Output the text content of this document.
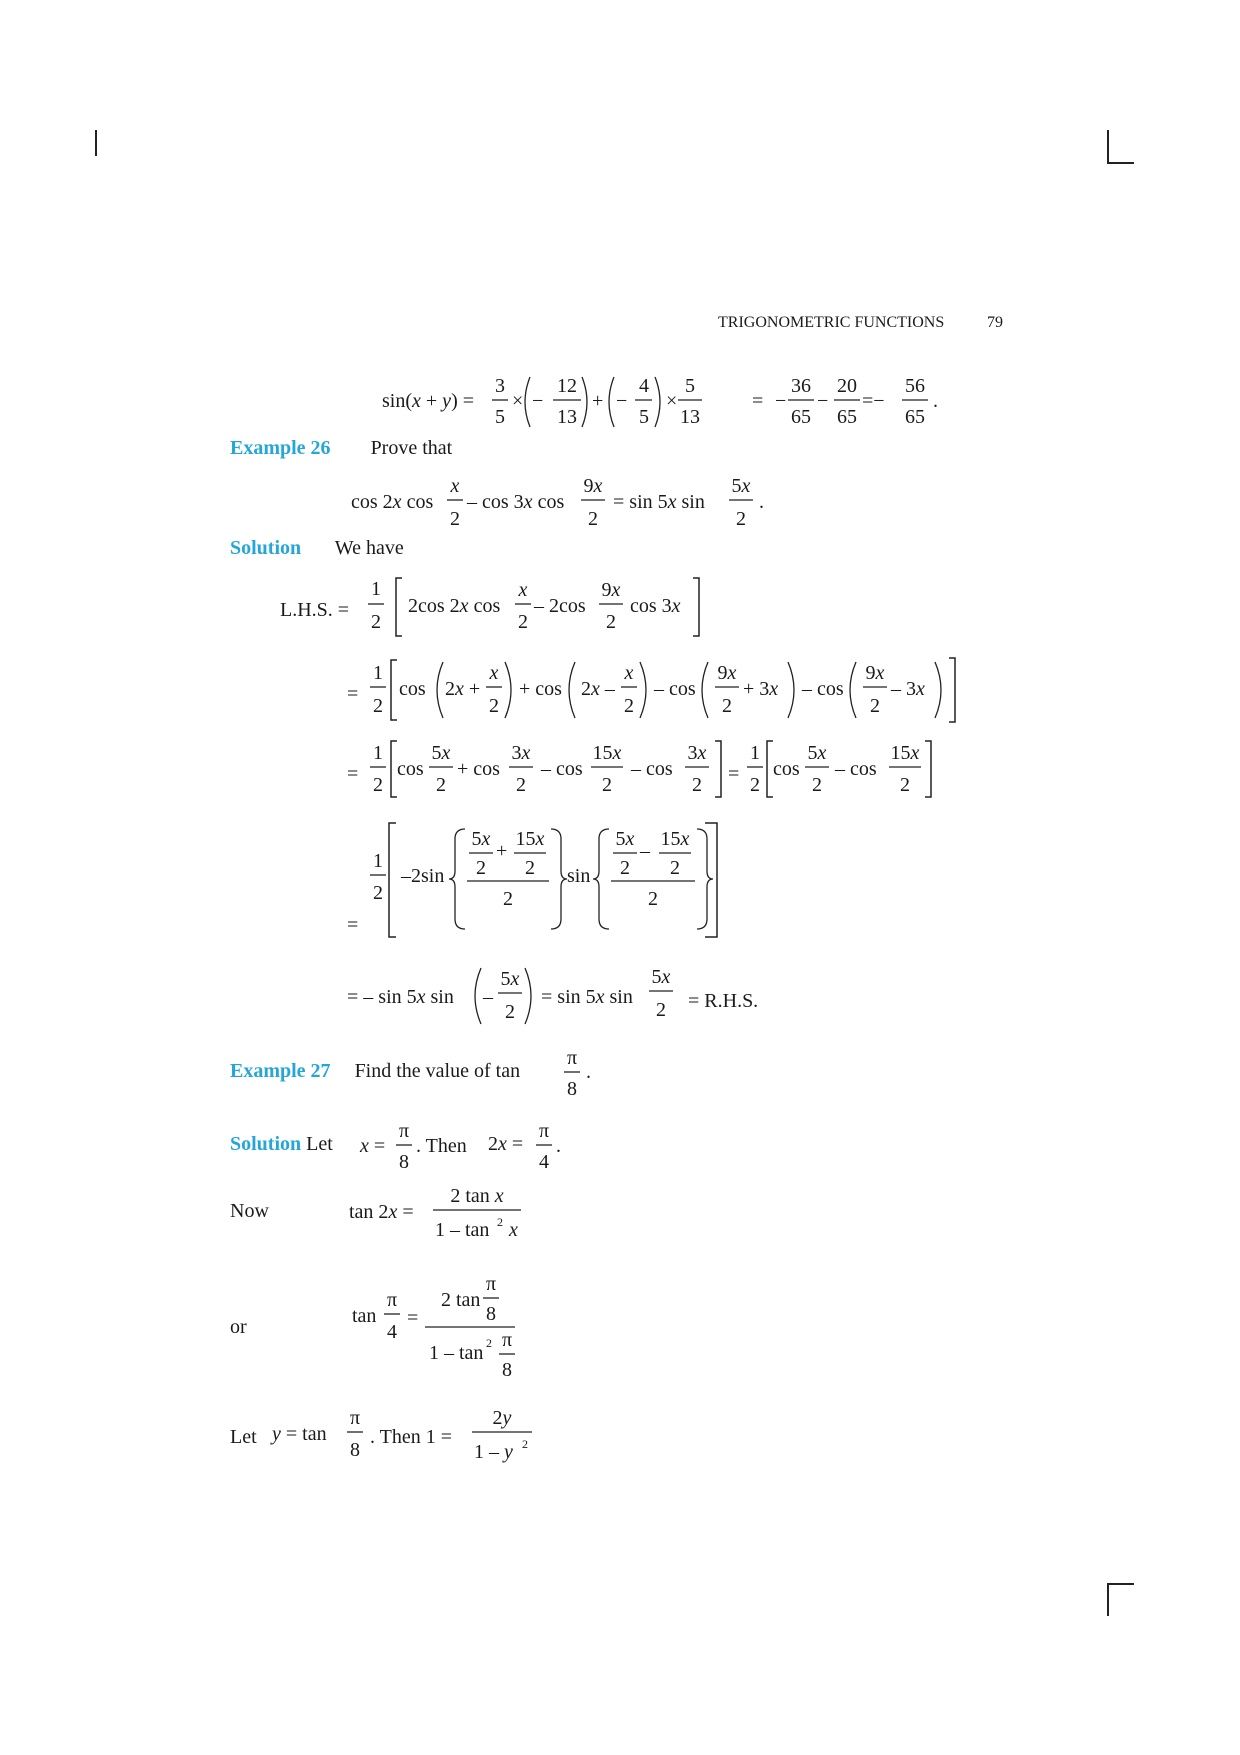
TRIGONOMETRIC FUNCTIONS	79
sin(x + y) =
3
5
× −
12
13
+ −
4
5
×
5
13
= −
36
65
−
20
65
=−
56
65
.
Example 26 Prove that
cos 2x cos
x
2
– cos 3x cos
9x
2
= sin 5x sin
5x
2
.
Solution We have
L.H.S. =
1
2
2cos 2x cos
x
2
– 2cos
9x
2
cos 3x
=
1
2
cos 2x +
x
2
+ cos 2x –
x
2
– cos
9x
2
+ 3x – cos
9x
2
– 3x
=
1
2
cos
5x
2
+ cos
3x
2
– cos
15x
2
– cos
3x
2 =
1
2
cos
5x
2
– cos
15x
2
=
1
2
–2sin
5x
2
+
15x
2
2
sin
5x
2
–
15x
2
2
= – sin 5x sin –
5x
2
= sin 5x sin
5x
2 = R.H.S.
Example 27 Find the value of tan
π
8
.
Solution Let x =
π
8
. Then 2x =
π
4
.
Now	tan 2x =
2 tan x
1 – tan 2 x
or	tan
π
4
=
2 tan
π
8
1 – tan 2 π
8
Let y = tan
π
8
. Then 1 =
2y
1 – y 2
